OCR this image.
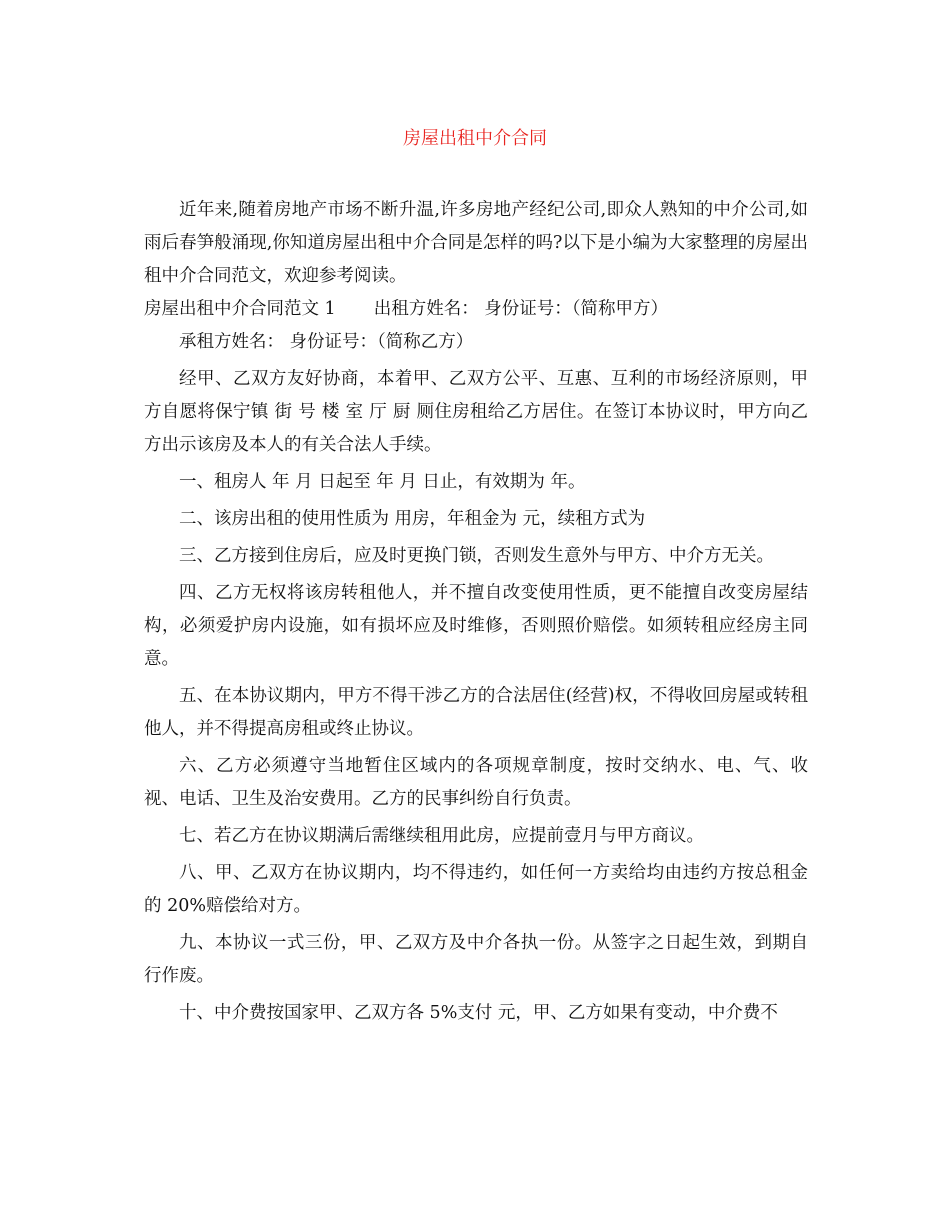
房屋出租中介合同

近年来,随着房地产市场不断升温,许多房地产经纪公司,即众人熟知的中介公司,如雨后春笋般涌现,你知道房屋出租中介合同是怎样的吗?以下是小编为大家整理的房屋出租中介合同范文，欢迎参考阅读。

房屋出租中介合同范文 1 出租方姓名： 身份证号：（简称甲方）

承租方姓名： 身份证号：（简称乙方）

经甲、乙双方友好协商，本着甲、乙双方公平、互惠、互利的市场经济原则，甲方自愿将保宁镇 街 号 楼 室 厅 厨 厕住房租给乙方居住。在签订本协议时，甲方向乙方出示该房及本人的有关合法人手续。

一、租房人 年 月 日起至 年 月 日止，有效期为 年。

二、该房出租的使用性质为 用房，年租金为 元，续租方式为

三、乙方接到住房后，应及时更换门锁，否则发生意外与甲方、中介方无关。

四、乙方无权将该房转租他人，并不擅自改变使用性质，更不能擅自改变房屋结构，必须爱护房内设施，如有损坏应及时维修，否则照价赔偿。如须转租应经房主同意。

五、在本协议期内，甲方不得干涉乙方的合法居住(经营)权，不得收回房屋或转租他人，并不得提高房租或终止协议。

六、乙方必须遵守当地暂住区域内的各项规章制度，按时交纳水、电、气、收视、电话、卫生及治安费用。乙方的民事纠纷自行负责。

七、若乙方在协议期满后需继续租用此房，应提前壹月与甲方商议。

八、甲、乙双方在协议期内，均不得违约，如任何一方卖给均由违约方按总租金的 20%赔偿给对方。

九、本协议一式三份，甲、乙双方及中介各执一份。从签字之日起生效，到期自行作废。

十、中介费按国家甲、乙双方各 5%支付 元，甲、乙方如果有变动，中介费不
